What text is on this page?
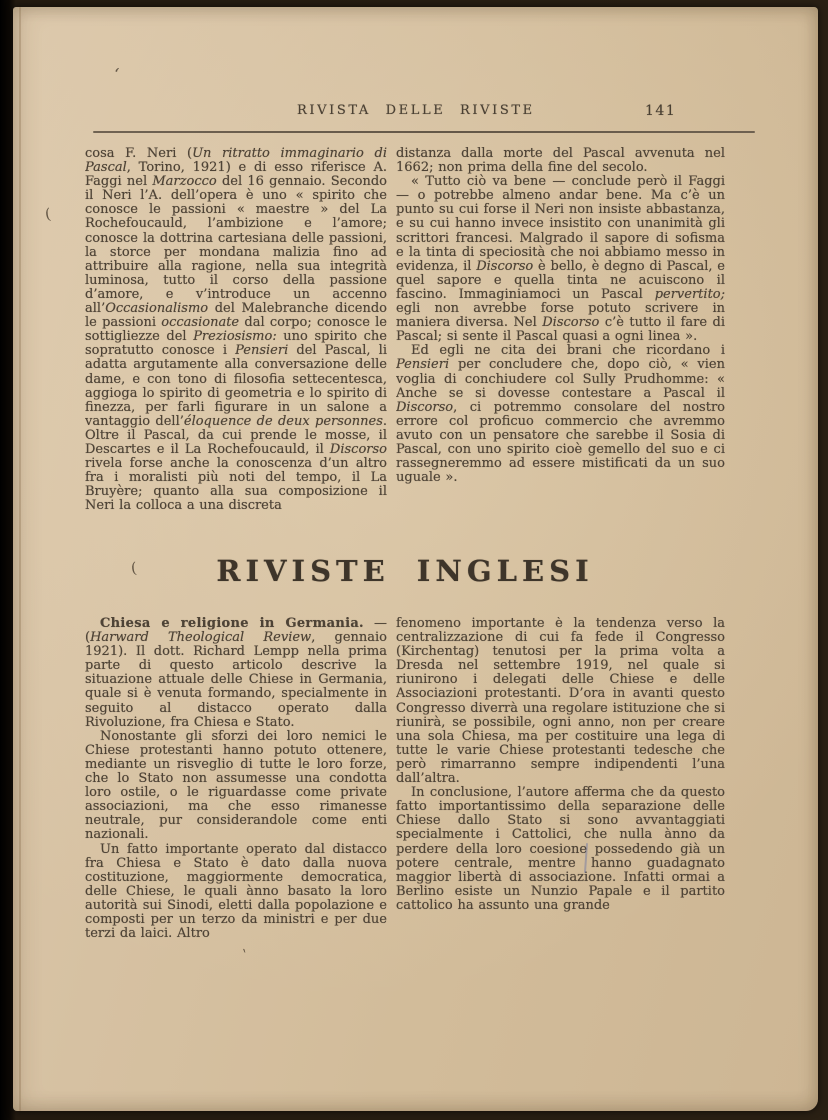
RIVISTA DELLE RIVISTE	141

cosa F. Neri (Un ritratto immaginario di Pascal, Torino, 1921) e di esso riferisce A. Faggi nel Marzocco del 16 gennaio. Secondo il Neri l’A. dell’opera è uno « spirito che conosce le passioni « maestre » del La Rochefoucauld, l’ambizione e l’amore; conosce la dottrina cartesiana delle passioni, la storce per mondana malizia fino ad attribuire alla ragione, nella sua integrità luminosa, tutto il corso della passione d’amore, e v’introduce un accenno all’Occasionalismo del Malebranche dicendo le passioni occasionate dal corpo; conosce le sottigliezze del Preziosismo: uno spirito che sopratutto conosce i Pensieri del Pascal, li adatta argutamente alla conversazione delle dame, e con tono di filosofia settecentesca, aggioga lo spirito di geometria e lo spirito di finezza, per farli figurare in un salone a vantaggio dell’éloquence de deux personnes. Oltre il Pascal, da cui prende le mosse, il Descartes e il La Rochefoucauld, il Discorso rivela forse anche la conoscenza d’un altro fra i moralisti più noti del tempo, il La Bruyère; quanto alla sua composizione il Neri la colloca a una discreta

distanza dalla morte del Pascal avvenuta nel 1662; non prima della fine del secolo.

« Tutto ciò va bene — conclude però il Faggi — o potrebbe almeno andar bene. Ma c’è un punto su cui forse il Neri non insiste abbastanza, e su cui hanno invece insistito con unanimità gli scrittori francesi. Malgrado il sapore di sofisma e la tinta di speciosità che noi abbiamo messo in evidenza, il Discorso è bello, è degno di Pascal, e quel sapore e quella tinta ne acuiscono il fascino. Immaginiamoci un Pascal pervertito; egli non avrebbe forse potuto scrivere in maniera diversa. Nel Discorso c’è tutto il fare di Pascal; si sente il Pascal quasi a ogni linea ».

Ed egli ne cita dei brani che ricordano i Pensieri per concludere che, dopo ciò, « vien voglia di conchiudere col Sully Prudhomme: « Anche se si dovesse contestare a Pascal il Discorso, ci potremmo consolare del nostro errore col proficuo commercio che avremmo avuto con un pensatore che sarebbe il Sosia di Pascal, con uno spirito cioè gemello del suo e ci rassegneremmo ad essere mistificati da un suo uguale ».

RIVISTE INGLESI

Chiesa e religione in Germania. — (Harward Theological Review, gennaio 1921). Il dott. Richard Lempp nella prima parte di questo articolo descrive la situazione attuale delle Chiese in Germania, quale si è venuta formando, specialmente in seguito al distacco operato dalla Rivoluzione, fra Chiesa e Stato.

Nonostante gli sforzi dei loro nemici le Chiese protestanti hanno potuto ottenere, mediante un risveglio di tutte le loro forze, che lo Stato non assumesse una condotta loro ostile, o le riguardasse come private associazioni, ma che esso rimanesse neutrale, pur considerandole come enti nazionali.

Un fatto importante operato dal distacco fra Chiesa e Stato è dato dalla nuova costituzione, maggiormente democratica, delle Chiese, le quali ànno basato la loro autorità sui Sinodi, eletti dalla popolazione e composti per un terzo da ministri e per due terzi da laici. Altro

fenomeno importante è la tendenza verso la centralizzazione di cui fa fede il Congresso (Kirchentag) tenutosi per la prima volta a Dresda nel settembre 1919, nel quale si riunirono i delegati delle Chiese e delle Associazioni protestanti. D’ora in avanti questo Congresso diverrà una regolare istituzione che si riunirà, se possibile, ogni anno, non per creare una sola Chiesa, ma per costituire una lega di tutte le varie Chiese protestanti tedesche che però rimarranno sempre indipendenti l’una dall’altra.

In conclusione, l’autore afferma che da questo fatto importantissimo della separazione delle Chiese dallo Stato si sono avvantaggiati specialmente i Cattolici, che nulla ànno da perdere della loro coesione possedendo già un potere centrale, mentre hanno guadagnato maggior libertà di associazione. Infatti ormai a Berlino esiste un Nunzio Papale e il partito cattolico ha assunto una grande

ʻ
(
(
`
